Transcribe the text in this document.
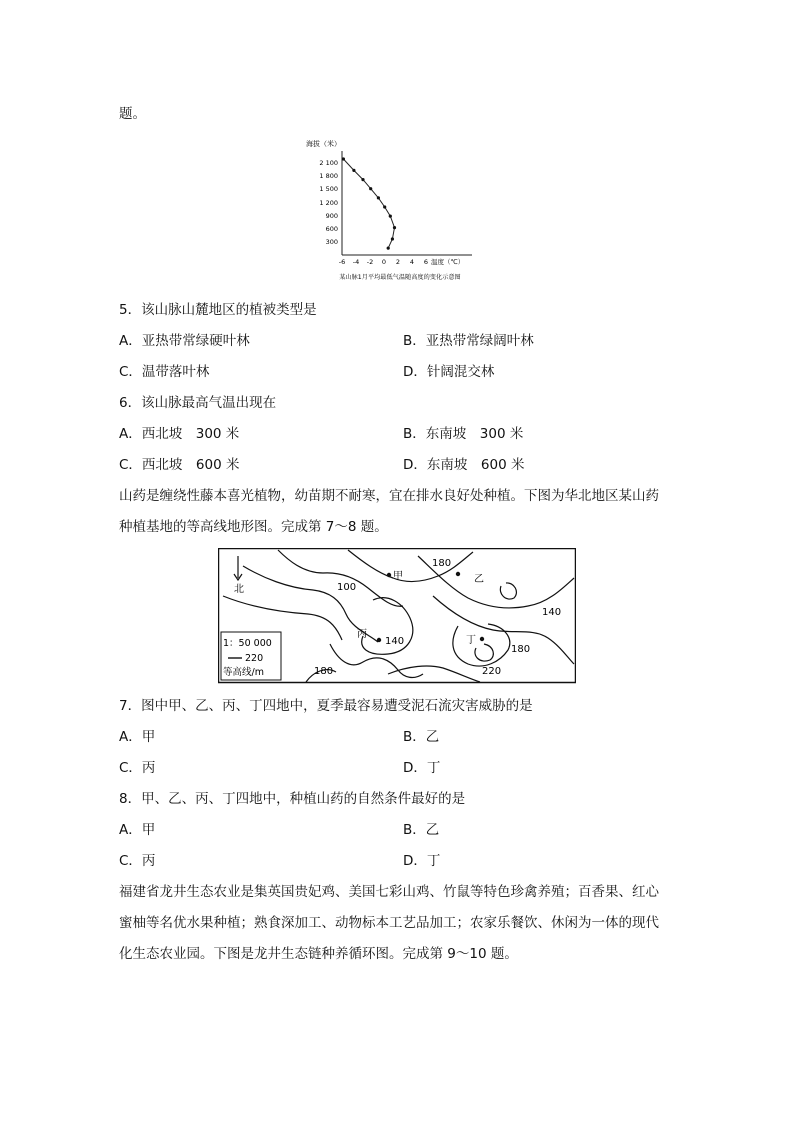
题。
海拔（米）
2 100
1 800
1 500
1 200
900
600
300
-6 -4 -2 0 2 4 6 温度（℃）
某山脉1月平均最低气温随高度的变化示意图
5．该山脉山麓地区的植被类型是
A．亚热带常绿硬叶林	B．亚热带常绿阔叶林
C．温带落叶林	D．针阔混交林
6．该山脉最高气温出现在
A．西北坡　300 米	B．东南坡　300 米
C．西北坡　600 米	D．东南坡　600 米
山药是缠绕性藤本喜光植物，幼苗期不耐寒，宜在排水良好处种植。下图为华北地区某山药
种植基地的等高线地形图。完成第 7～8 题。
北	100
180
140
140
180
220
180
甲	乙
丙
丁
1：50 000
220
等高线/m
7．图中甲、乙、丙、丁四地中，夏季最容易遭受泥石流灾害威胁的是
A．甲	B．乙
C．丙	D．丁
8．甲、乙、丙、丁四地中，种植山药的自然条件最好的是
A．甲	B．乙
C．丙	D．丁
福建省龙井生态农业是集英国贵妃鸡、美国七彩山鸡、竹鼠等特色珍禽养殖；百香果、红心
蜜柚等名优水果种植；熟食深加工、动物标本工艺品加工；农家乐餐饮、休闲为一体的现代
化生态农业园。下图是龙井生态链种养循环图。完成第 9～10 题。
